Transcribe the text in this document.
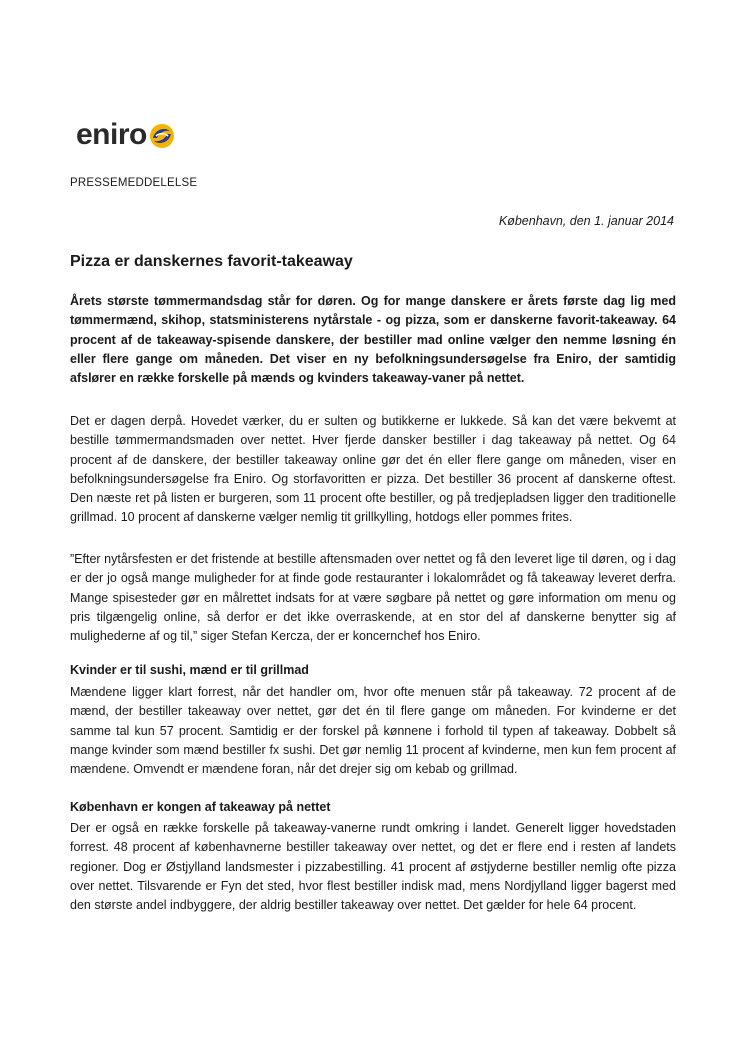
eniro
PRESSEMEDDELELSE
København, den 1. januar 2014
Pizza er danskernes favorit-takeaway

Årets største tømmermandsdag står for døren. Og for mange danskere er årets første dag lig med tømmermænd, skihop, statsministerens nytårstale - og pizza, som er danskerne favorit-takeaway. 64 procent af de takeaway-spisende danskere, der bestiller mad online vælger den nemme løsning én eller flere gange om måneden. Det viser en ny befolkningsundersøgelse fra Eniro, der samtidig afslører en række forskelle på mænds og kvinders takeaway-vaner på nettet.

Det er dagen derpå. Hovedet værker, du er sulten og butikkerne er lukkede. Så kan det være bekvemt at bestille tømmermandsmaden over nettet. Hver fjerde dansker bestiller i dag takeaway på nettet. Og 64 procent af de danskere, der bestiller takeaway online gør det én eller flere gange om måneden, viser en befolkningsundersøgelse fra Eniro. Og storfavoritten er pizza. Det bestiller 36 procent af danskerne oftest. Den næste ret på listen er burgeren, som 11 procent ofte bestiller, og på tredjepladsen ligger den traditionelle grillmad. 10 procent af danskerne vælger nemlig tit grillkylling, hotdogs eller pommes frites.

”Efter nytårsfesten er det fristende at bestille aftensmaden over nettet og få den leveret lige til døren, og i dag er der jo også mange muligheder for at finde gode restauranter i lokalområdet og få takeaway leveret derfra. Mange spisesteder gør en målrettet indsats for at være søgbare på nettet og gøre information om menu og pris tilgængelig online, så derfor er det ikke overraskende, at en stor del af danskerne benytter sig af mulighederne af og til,” siger Stefan Kercza, der er koncernchef hos Eniro.

Kvinder er til sushi, mænd er til grillmad

Mændene ligger klart forrest, når det handler om, hvor ofte menuen står på takeaway. 72 procent af de mænd, der bestiller takeaway over nettet, gør det én til flere gange om måneden. For kvinderne er det samme tal kun 57 procent. Samtidig er der forskel på kønnene i forhold til typen af takeaway. Dobbelt så mange kvinder som mænd bestiller fx sushi. Det gør nemlig 11 procent af kvinderne, men kun fem procent af mændene. Omvendt er mændene foran, når det drejer sig om kebab og grillmad.

København er kongen af takeaway på nettet

Der er også en række forskelle på takeaway-vanerne rundt omkring i landet. Generelt ligger hovedstaden forrest. 48 procent af københavnerne bestiller takeaway over nettet, og det er flere end i resten af landets regioner. Dog er Østjylland landsmester i pizzabestilling. 41 procent af østjyderne bestiller nemlig ofte pizza over nettet. Tilsvarende er Fyn det sted, hvor flest bestiller indisk mad, mens Nordjylland ligger bagerst med den største andel indbyggere, der aldrig bestiller takeaway over nettet. Det gælder for hele 64 procent.
